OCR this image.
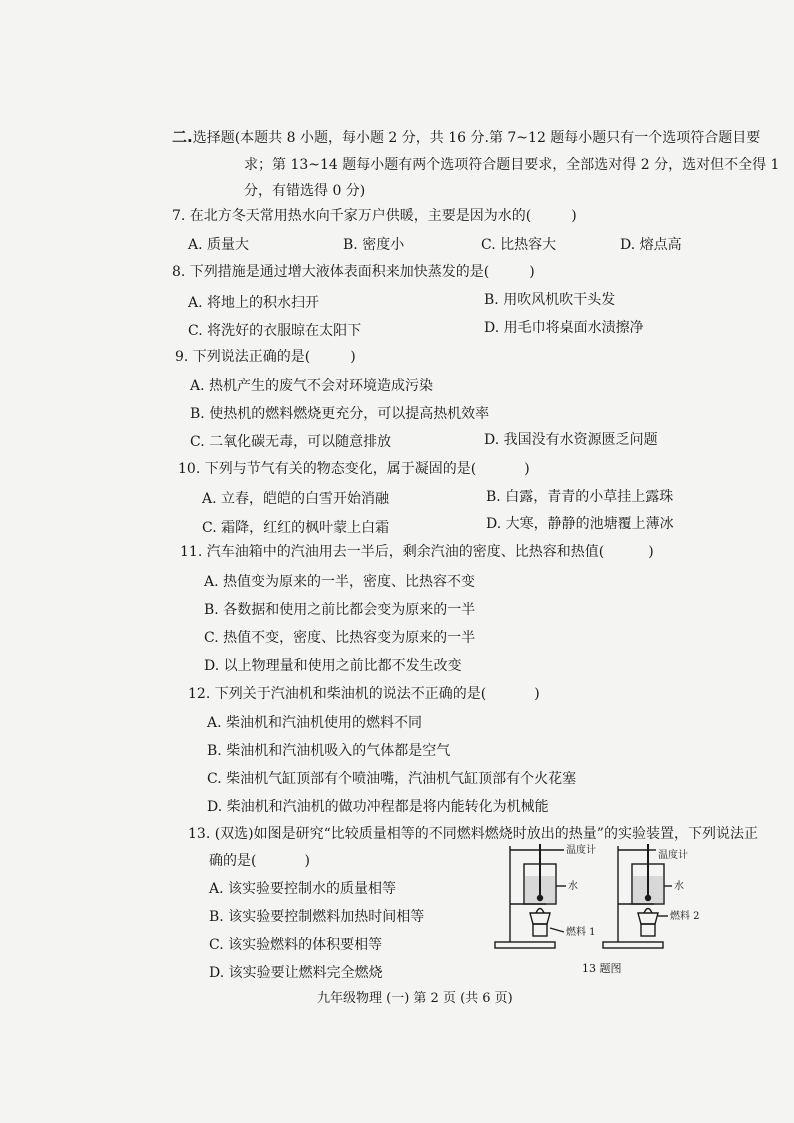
二.选择题(本题共 8 小题，每小题 2 分，共 16 分.第 7~12 题每小题只有一个选项符合题目要
求；第 13~14 题每小题有两个选项符合题目要求，全部选对得 2 分，选对但不全得 1
分，有错选得 0 分)
7. 在北方冬天常用热水向千家万户供暖，主要是因为水的(	)
A. 质量大	B. 密度小	C. 比热容大	D. 熔点高
8. 下列措施是通过增大液体表面积来加快蒸发的是(	)
A. 将地上的积水扫开	B. 用吹风机吹干头发
C. 将洗好的衣服晾在太阳下	D. 用毛巾将桌面水渍擦净
9. 下列说法正确的是(	)
A. 热机产生的废气不会对环境造成污染
B. 使热机的燃料燃烧更充分，可以提高热机效率
C. 二氧化碳无毒，可以随意排放	D. 我国没有水资源匮乏问题
10. 下列与节气有关的物态变化，属于凝固的是(	)
A. 立春，皑皑的白雪开始消融	B. 白露，青青的小草挂上露珠
C. 霜降，红红的枫叶蒙上白霜	D. 大寒，静静的池塘覆上薄冰
11. 汽车油箱中的汽油用去一半后，剩余汽油的密度、比热容和热值(	)
A. 热值变为原来的一半，密度、比热容不变
B. 各数据和使用之前比都会变为原来的一半
C. 热值不变，密度、比热容变为原来的一半
D. 以上物理量和使用之前比都不发生改变
12. 下列关于汽油机和柴油机的说法不正确的是(	)
A. 柴油机和汽油机使用的燃料不同
B. 柴油机和汽油机吸入的气体都是空气
C. 柴油机气缸顶部有个喷油嘴，汽油机气缸顶部有个火花塞
D. 柴油机和汽油机的做功冲程都是将内能转化为机械能
13. (双选)如图是研究“比较质量相等的不同燃料燃烧时放出的热量”的实验装置，下列说法正
确的是(	)
A. 该实验要控制水的质量相等
B. 该实验要控制燃料加热时间相等
C. 该实验燃料的体积要相等
D. 该实验要让燃料完全燃烧
温度计
水
燃料 1
温度计
水
燃料 2
13 题图
九年级物理 (一) 第 2 页 (共 6 页)
